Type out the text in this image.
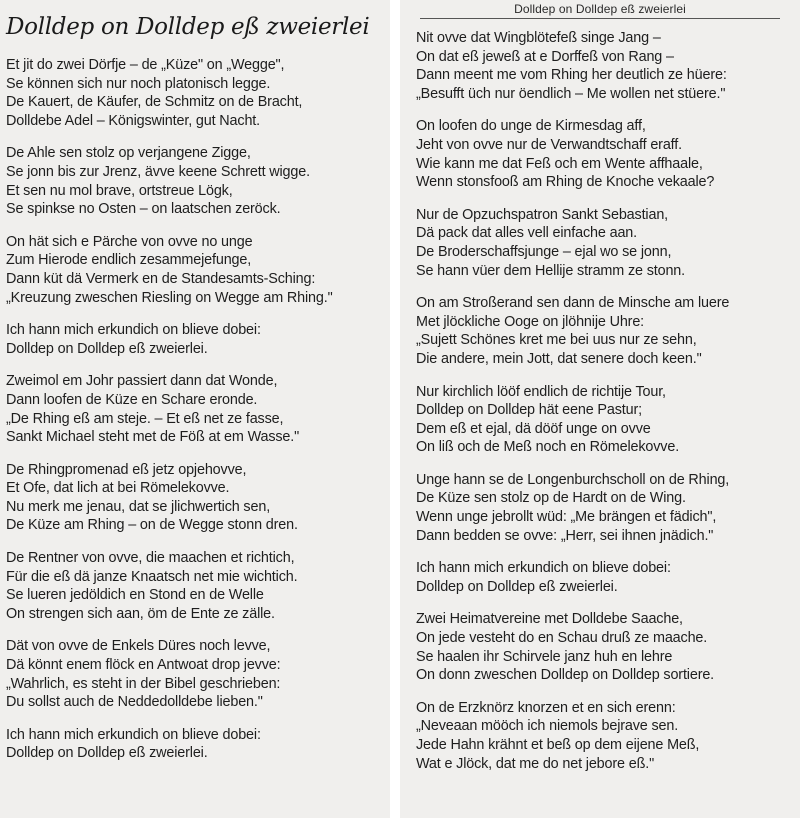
Dolldep on Dolldep eß zweierlei
Et jit do zwei Dörfje – de „Küze" on „Wegge",
Se können sich nur noch platonisch legge.
De Kauert, de Käufer, de Schmitz on de Bracht,
Dolldebe Adel – Königswinter, gut Nacht.
De Ahle sen stolz op verjangene Zigge,
Se jonn bis zur Jrenz, ävve keene Schrett wigge.
Et sen nu mol brave, ortstreue Lögk,
Se spinkse no Osten – on laatschen zeröck.
On hät sich e Pärche von ovve no unge
Zum Hierode endlich zesammejefunge,
Dann küt dä Vermerk en de Standesamts-Sching:
„Kreuzung zweschen Riesling on Wegge am Rhing."
Ich hann mich erkundich on blieve dobei:
Dolldep on Dolldep eß zweierlei.
Zweimol em Johr passiert dann dat Wonde,
Dann loofen de Küze en Schare eronde.
„De Rhing eß am steje. – Et eß net ze fasse,
Sankt Michael steht met de Föß at em Wasse."
De Rhingpromenad eß jetz opjehovve,
Et Ofe, dat lich at bei Römelekovve.
Nu merk me jenau, dat se jlichwertich sen,
De Küze am Rhing – on de Wegge stonn dren.
De Rentner von ovve, die maachen et richtich,
Für die eß dä janze Knaatsch net mie wichtich.
Se lueren jedöldich en Stond en de Welle
On strengen sich aan, öm de Ente ze zälle.
Dät von ovve de Enkels Düres noch levve,
Dä könnt enem flöck en Antwoat drop jevve:
„Wahrlich, es steht in der Bibel geschrieben:
Du sollst auch de Neddedolldebe lieben."
Ich hann mich erkundich on blieve dobei:
Dolldep on Dolldep eß zweierlei.
Dolldep on Dolldep eß zweierlei
Nit ovve dat Wingblötefeß singe Jang –
On dat eß jeweß at e Dorffeß von Rang –
Dann meent me vom Rhing her deutlich ze hüere:
„Besufft üch nur öendlich – Me wollen net stüere."
On loofen do unge de Kirmesdag aff,
Jeht von ovve nur de Verwandtschaff eraff.
Wie kann me dat Feß och em Wente affhaale,
Wenn stonsfooß am Rhing de Knoche vekaale?
Nur de Opzuchspatron Sankt Sebastian,
Dä pack dat alles vell einfache aan.
De Broderschaffsjunge – ejal wo se jonn,
Se hann vüer dem Hellije stramm ze stonn.
On am Stroßerand sen dann de Minsche am luere
Met jlöckliche Ooge on jlöhnije Uhre:
„Sujett Schönes kret me bei uus nur ze sehn,
Die andere, mein Jott, dat senere doch keen."
Nur kirchlich lööf endlich de richtije Tour,
Dolldep on Dolldep hät eene Pastur;
Dem eß et ejal, dä dööf unge on ovve
On liß och de Meß noch en Römelekovve.
Unge hann se de Longenburchscholl on de Rhing,
De Küze sen stolz op de Hardt on de Wing.
Wenn unge jebrollt wüd: „Me brängen et fädich",
Dann bedden se ovve: „Herr, sei ihnen jnädich."
Ich hann mich erkundich on blieve dobei:
Dolldep on Dolldep eß zweierlei.
Zwei Heimatvereine met Dolldebe Saache,
On jede vesteht do en Schau druß ze maache.
Se haalen ihr Schirvele janz huh en lehre
On donn zweschen Dolldep on Dolldep sortiere.
On de Erzknörz knorzen et en sich erenn:
„Neveaan mööch ich niemols bejrave sen.
Jede Hahn krähnt et beß op dem eijene Meß,
Wat e Jlöck, dat me do net jebore eß."
